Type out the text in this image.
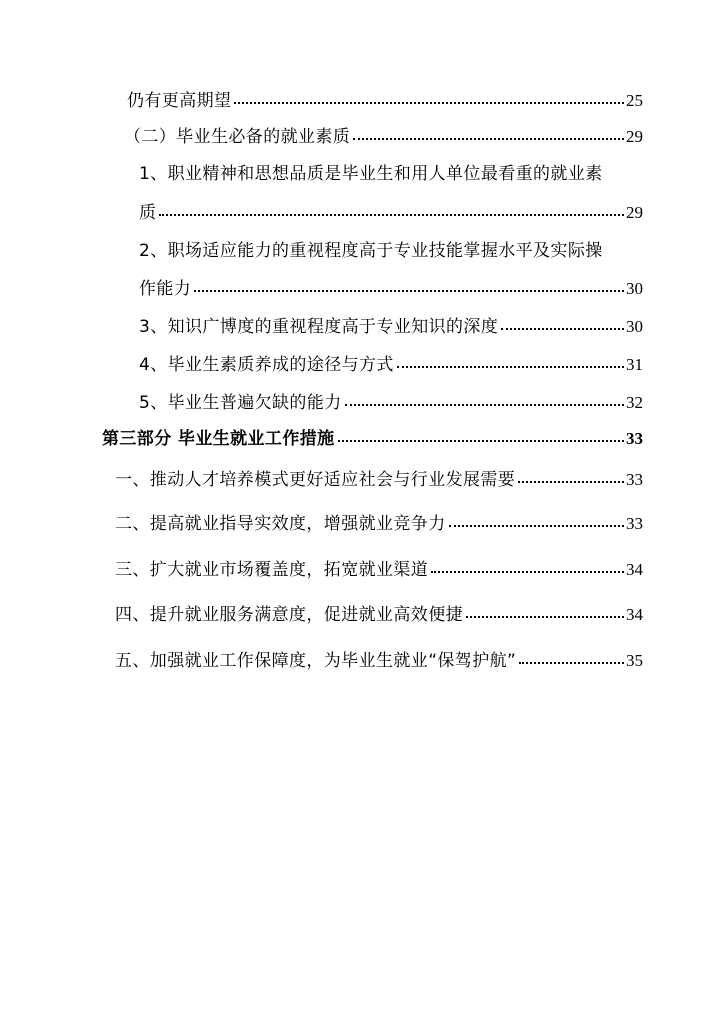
仍有更高期望	25
（二）毕业生必备的就业素质	29
1、职业精神和思想品质是毕业生和用人单位最看重的就业素
质	29
2、职场适应能力的重视程度高于专业技能掌握水平及实际操
作能力	30
3、知识广博度的重视程度高于专业知识的深度	30
4、毕业生素质养成的途径与方式	31
5、毕业生普遍欠缺的能力	32
第三部分 毕业生就业工作措施	33
一、推动人才培养模式更好适应社会与行业发展需要	33
二、提高就业指导实效度，增强就业竞争力	33
三、扩大就业市场覆盖度，拓宽就业渠道	34
四、提升就业服务满意度，促进就业高效便捷	34
五、加强就业工作保障度，为毕业生就业“保驾护航”	35
